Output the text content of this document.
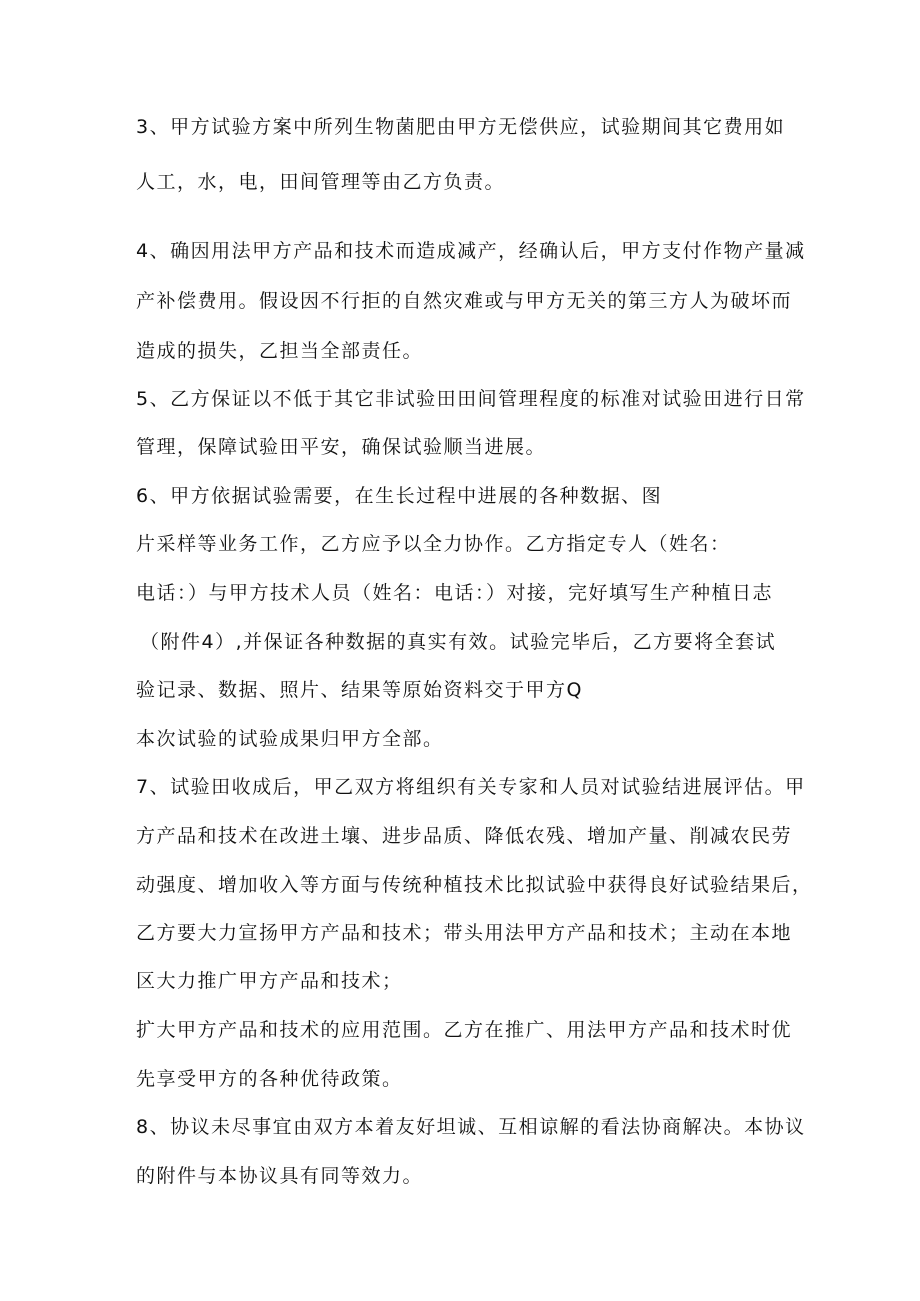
3、甲方试验方案中所列生物菌肥由甲方无偿供应，试验期间其它费用如
人工，水，电，田间管理等由乙方负责。
4、确因用法甲方产品和技术而造成减产，经确认后，甲方支付作物产量减
产补偿费用。假设因不行拒的自然灾难或与甲方无关的第三方人为破坏而
造成的损失，乙担当全部责任。
5、乙方保证以不低于其它非试验田田间管理程度的标准对试验田进行日常
管理，保障试验田平安，确保试验顺当进展。
6、甲方依据试验需要，在生长过程中进展的各种数据、图
片采样等业务工作，乙方应予以全力协作。乙方指定专人（姓名：
电话：）与甲方技术人员（姓名：电话：）对接，完好填写生产种植日志
（附件4）,并保证各种数据的真实有效。试验完毕后，乙方要将全套试
验记录、数据、照片、结果等原始资料交于甲方Q
本次试验的试验成果归甲方全部。
7、试验田收成后，甲乙双方将组织有关专家和人员对试验结进展评估。甲
方产品和技术在改进土壤、进步品质、降低农残、增加产量、削减农民劳
动强度、增加收入等方面与传统种植技术比拟试验中获得良好试验结果后，
乙方要大力宣扬甲方产品和技术；带头用法甲方产品和技术；主动在本地
区大力推广甲方产品和技术；
扩大甲方产品和技术的应用范围。乙方在推广、用法甲方产品和技术时优
先享受甲方的各种优待政策。
8、协议未尽事宜由双方本着友好坦诚、互相谅解的看法协商解决。本协议
的附件与本协议具有同等效力。
